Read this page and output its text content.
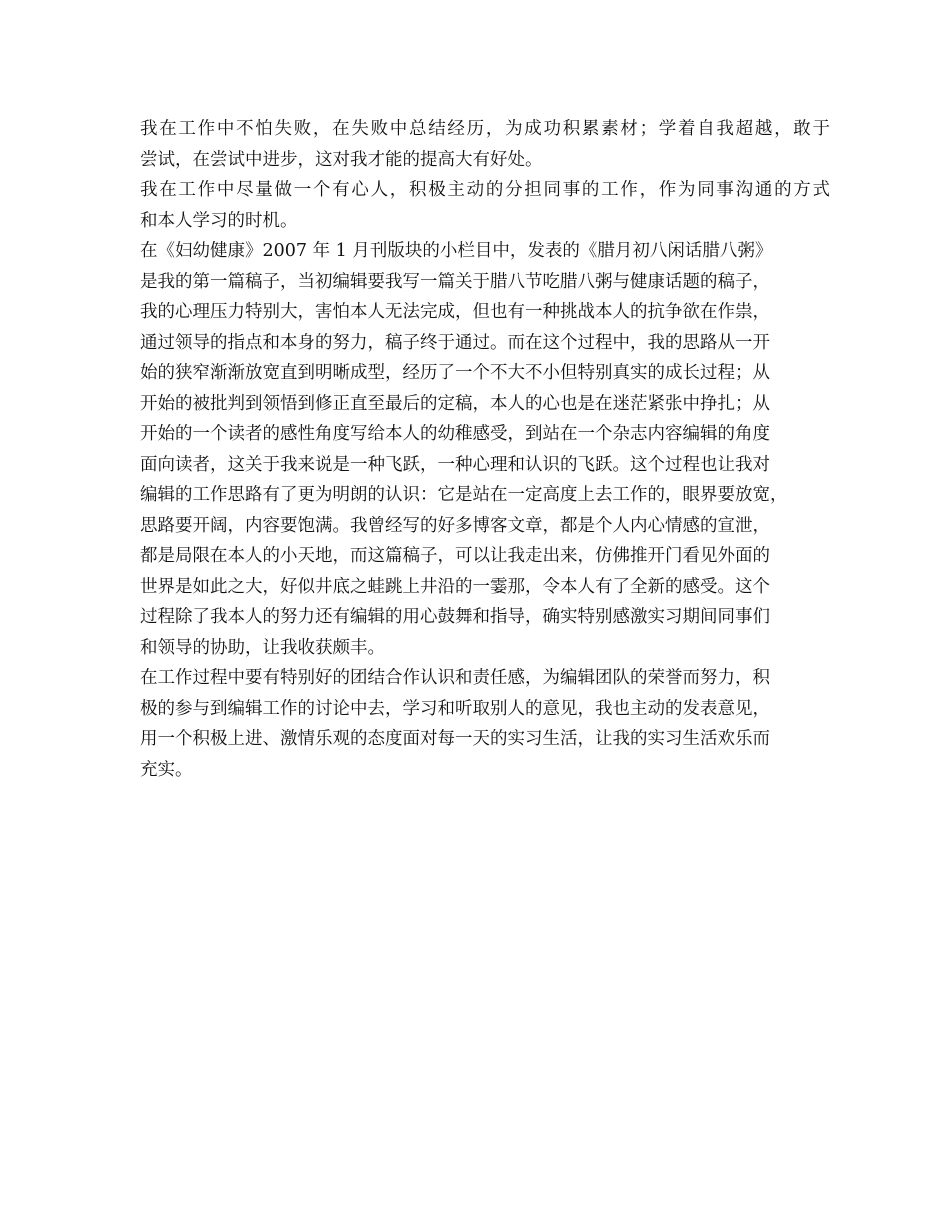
我在工作中不怕失败，在失败中总结经历，为成功积累素材；学着自我超越，敢于
尝试，在尝试中进步，这对我才能的提高大有好处。
我在工作中尽量做一个有心人，积极主动的分担同事的工作，作为同事沟通的方式
和本人学习的时机。
在《妇幼健康》2007 年 1 月刊版块的小栏目中，发表的《腊月初八闲话腊八粥》
是我的第一篇稿子，当初编辑要我写一篇关于腊八节吃腊八粥与健康话题的稿子，
我的心理压力特别大，害怕本人无法完成，但也有一种挑战本人的抗争欲在作祟，
通过领导的指点和本身的努力，稿子终于通过。而在这个过程中，我的思路从一开
始的狭窄渐渐放宽直到明晰成型，经历了一个不大不小但特别真实的成长过程；从
开始的被批判到领悟到修正直至最后的定稿，本人的心也是在迷茫紧张中挣扎；从
开始的一个读者的感性角度写给本人的幼稚感受，到站在一个杂志内容编辑的角度
面向读者，这关于我来说是一种飞跃，一种心理和认识的飞跃。这个过程也让我对
编辑的工作思路有了更为明朗的认识：它是站在一定高度上去工作的，眼界要放宽，
思路要开阔，内容要饱满。我曾经写的好多博客文章，都是个人内心情感的宣泄，
都是局限在本人的小天地，而这篇稿子，可以让我走出来，仿佛推开门看见外面的
世界是如此之大，好似井底之蛙跳上井沿的一霎那，令本人有了全新的感受。这个
过程除了我本人的努力还有编辑的用心鼓舞和指导，确实特别感激实习期间同事们
和领导的协助，让我收获颇丰。
在工作过程中要有特别好的团结合作认识和责任感，为编辑团队的荣誉而努力，积
极的参与到编辑工作的讨论中去，学习和听取别人的意见，我也主动的发表意见，
用一个积极上进、激情乐观的态度面对每一天的实习生活，让我的实习生活欢乐而
充实。
